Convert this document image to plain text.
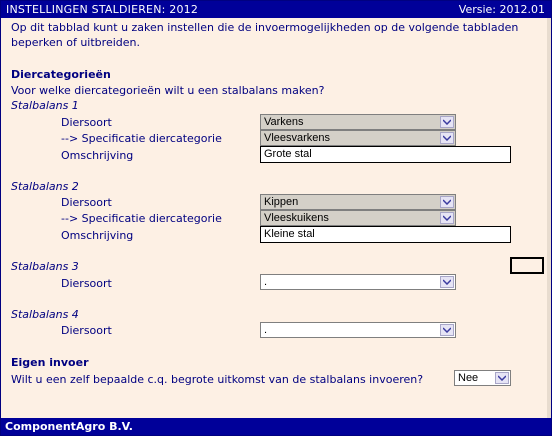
INSTELLINGEN STALDIEREN: 2012	Versie: 2012.01
Op dit tabblad kunt u zaken instellen die de invoermogelijkheden op de volgende tabbladen beperken of uitbreiden.
Diercategorieën
Voor welke diercategorieën wilt u een stalbalans maken?
Stalbalans 1
Diersoort	Varkens
--> Specificatie diercategorie	Vleesvarkens
Omschrijving	Grote stal
Stalbalans 2
Diersoort	Kippen
--> Specificatie diercategorie	Vleeskuikens
Omschrijving	Kleine stal
Stalbalans 3
Diersoort	.
Stalbalans 4
Diersoort	.
Eigen invoer
Wilt u een zelf bepaalde c.q. begrote uitkomst van de stalbalans invoeren?	Nee
ComponentAgro B.V.
